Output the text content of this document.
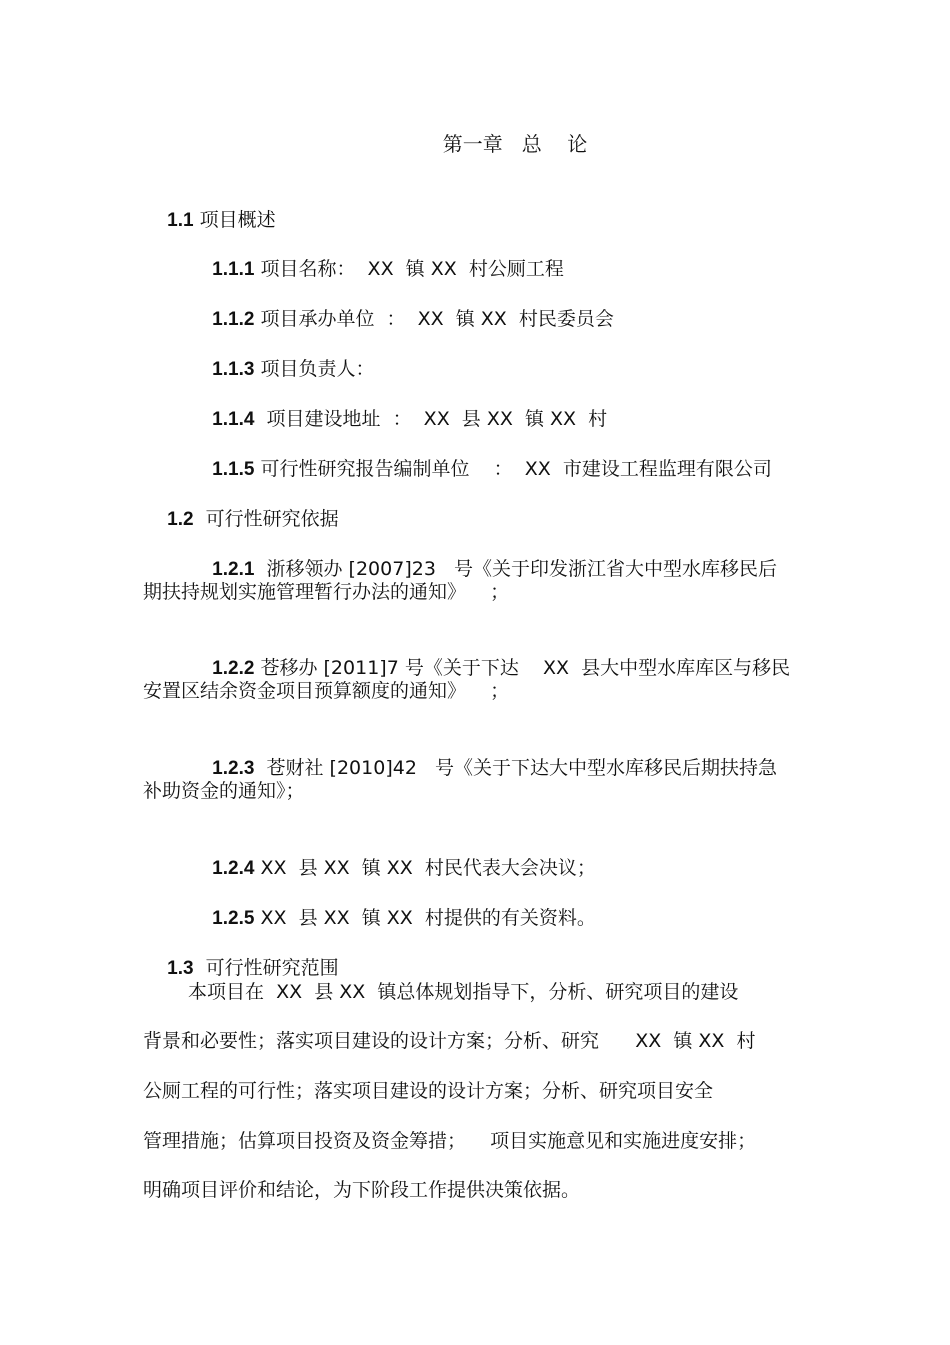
第一章   总    论

1.1 项目概述

1.1.1 项目名称：  XX  镇 XX  村公厕工程

1.1.2 项目承办单位  ：  XX  镇 XX  村民委员会

1.1.3 项目负责人：

1.1.4  项目建设地址  ：  XX  县 XX  镇 XX  村

1.1.5 可行性研究报告编制单位    ：  XX  市建设工程监理有限公司

1.2  可行性研究依据

1.2.1  浙移领办 [2007]23   号《关于印发浙江省大中型水库移民后

期扶持规划实施管理暂行办法的通知》    ；

1.2.2 苍移办 [2011]7 号《关于下达    XX  县大中型水库库区与移民

安置区结余资金项目预算额度的通知》    ；

1.2.3  苍财社 [2010]42   号《关于下达大中型水库移民后期扶持急

补助资金的通知》；

1.2.4 XX  县 XX  镇 XX  村民代表大会决议；

1.2.5 XX  县 XX  镇 XX  村提供的有关资料。

1.3  可行性研究范围

本项目在  XX  县 XX  镇总体规划指导下，分析、研究项目的建设
背景和必要性；落实项目建设的设计方案；分析、研究      XX  镇 XX  村
公厕工程的可行性；落实项目建设的设计方案；分析、研究项目安全
管理措施；估算项目投资及资金筹措；    项目实施意见和实施进度安排；
明确项目评价和结论，为下阶段工作提供决策依据。
